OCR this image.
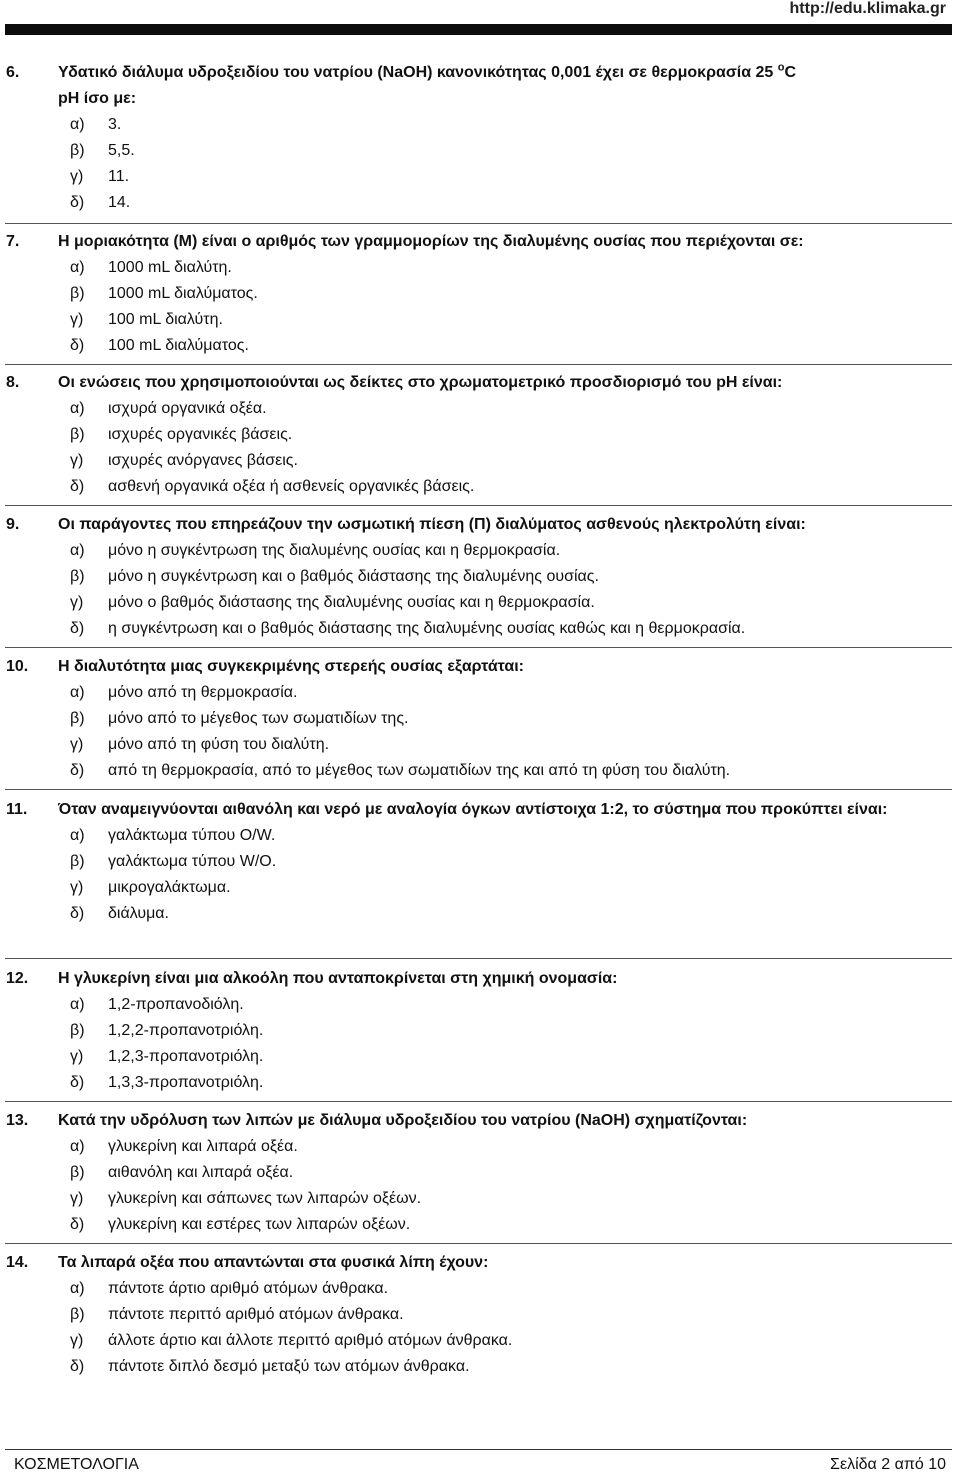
http://edu.klimaka.gr
6. Υδατικό διάλυμα υδροξειδίου του νατρίου (NaOH) κανονικότητας 0,001 έχει σε θερμοκρασία 25 $^o$C
pH ίσο με:
α) 3.
β) 5,5.
γ) 11.
δ) 14.
7. Η μοριακότητα (M) είναι ο αριθμός των γραμμομορίων της διαλυμένης ουσίας που περιέχονται σε:
α) 1000 mL διαλύτη.
β) 1000 mL διαλύματος.
γ) 100 mL διαλύτη.
δ) 100 mL διαλύματος.
8. Οι ενώσεις που χρησιμοποιούνται ως δείκτες στο χρωματομετρικό προσδιορισμό του pH είναι:
α) ισχυρά οργανικά οξέα.
β) ισχυρές οργανικές βάσεις.
γ) ισχυρές ανόργανες βάσεις.
δ) ασθενή οργανικά οξέα ή ασθενείς οργανικές βάσεις.
9. Οι παράγοντες που επηρεάζουν την ωσμωτική πίεση (Π) διαλύματος ασθενούς ηλεκτρολύτη είναι:
α) μόνο η συγκέντρωση της διαλυμένης ουσίας και η θερμοκρασία.
β) μόνο η συγκέντρωση και ο βαθμός διάστασης της διαλυμένης ουσίας.
γ) μόνο ο βαθμός διάστασης της διαλυμένης ουσίας και η θερμοκρασία.
δ) η συγκέντρωση και ο βαθμός διάστασης της διαλυμένης ουσίας καθώς και η θερμοκρασία.
10. Η διαλυτότητα μιας συγκεκριμένης στερεής ουσίας εξαρτάται:
α) μόνο από τη θερμοκρασία.
β) μόνο από το μέγεθος των σωματιδίων της.
γ) μόνο από τη φύση του διαλύτη.
δ) από τη θερμοκρασία, από το μέγεθος των σωματιδίων της και από τη φύση του διαλύτη.
11. Όταν αναμειγνύονται αιθανόλη και νερό με αναλογία όγκων αντίστοιχα 1:2, το σύστημα που προκύπτει είναι:
α) γαλάκτωμα τύπου O/W.
β) γαλάκτωμα τύπου W/O.
γ) μικρογαλάκτωμα.
δ) διάλυμα.
12. Η γλυκερίνη είναι μια αλκοόλη που ανταποκρίνεται στη χημική ονομασία:
α) 1,2-προπανοδιόλη.
β) 1,2,2-προπανοτριόλη.
γ) 1,2,3-προπανοτριόλη.
δ) 1,3,3-προπανοτριόλη.
13. Κατά την υδρόλυση των λιπών με διάλυμα υδροξειδίου του νατρίου (NaOH) σχηματίζονται:
α) γλυκερίνη και λιπαρά οξέα.
β) αιθανόλη και λιπαρά οξέα.
γ) γλυκερίνη και σάπωνες των λιπαρών οξέων.
δ) γλυκερίνη και εστέρες των λιπαρών οξέων.
14. Τα λιπαρά οξέα που απαντώνται στα φυσικά λίπη έχουν:
α) πάντοτε άρτιο αριθμό ατόμων άνθρακα.
β) πάντοτε περιττό αριθμό ατόμων άνθρακα.
γ) άλλοτε άρτιο και άλλοτε περιττό αριθμό ατόμων άνθρακα.
δ) πάντοτε διπλό δεσμό μεταξύ των ατόμων άνθρακα.
ΚΟΣΜΕΤΟΛΟΓΙΑ	Σελίδα 2 από 10
